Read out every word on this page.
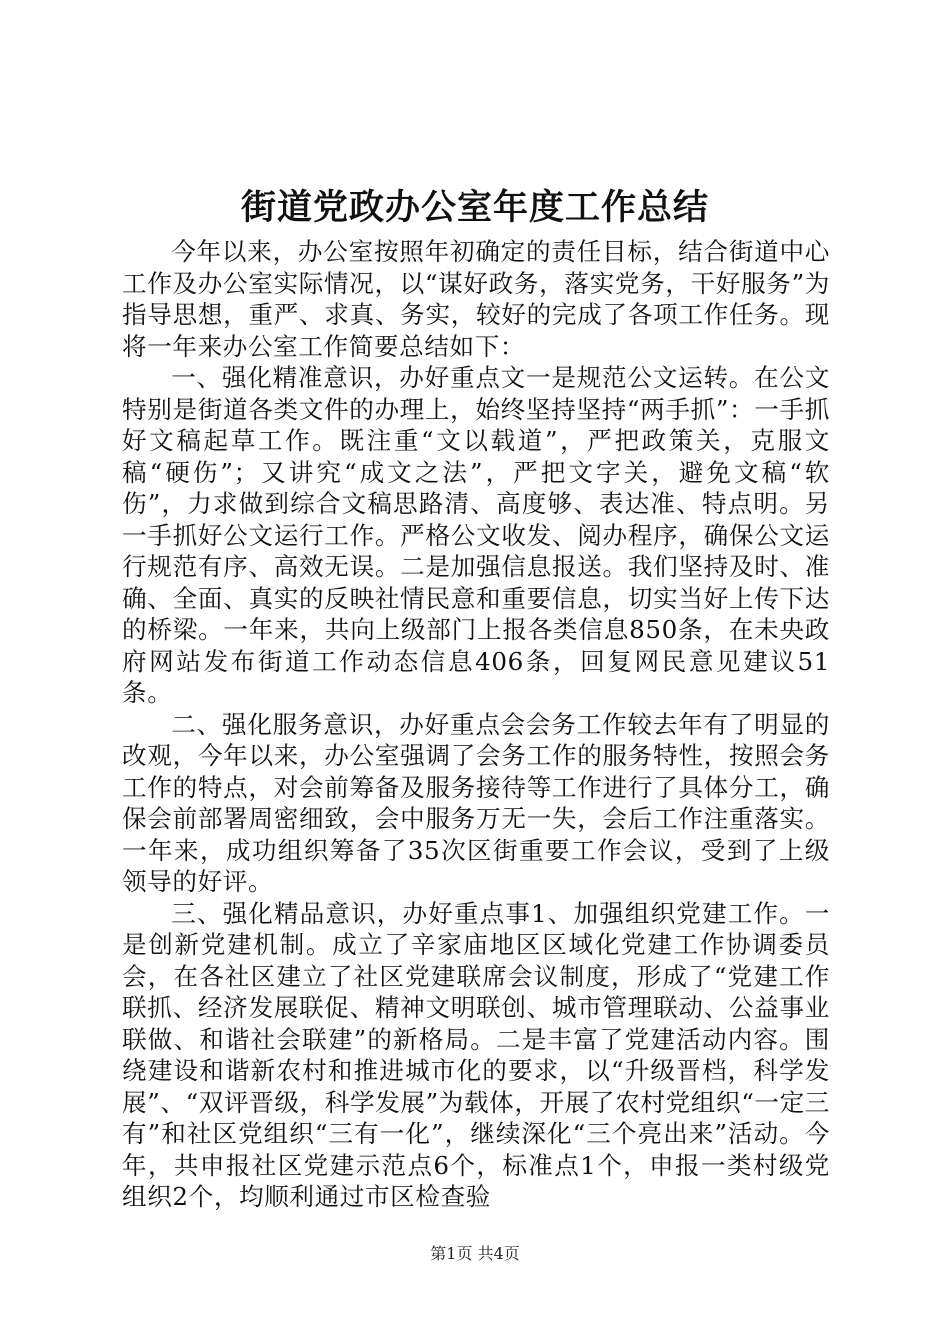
街道党政办公室年度工作总结

今年以来，办公室按照年初确定的责任目标，结合街道中心工作及办公室实际情况，以“谋好政务，落实党务，干好服务”为指导思想，重严、求真、务实，较好的完成了各项工作任务。现将一年来办公室工作简要总结如下：

一、强化精准意识，办好重点文一是规范公文运转。在公文特别是街道各类文件的办理上，始终坚持坚持“两手抓”：一手抓好文稿起草工作。既注重“文以载道”，严把政策关，克服文稿“硬伤”；又讲究“成文之法”，严把文字关，避免文稿“软伤”，力求做到综合文稿思路清、高度够、表达准、特点明。另一手抓好公文运行工作。严格公文收发、阅办程序，确保公文运行规范有序、高效无误。二是加强信息报送。我们坚持及时、准确、全面、真实的反映社情民意和重要信息，切实当好上传下达的桥梁。一年来，共向上级部门上报各类信息850条，在未央政府网站发布街道工作动态信息406条，回复网民意见建议51条。

二、强化服务意识，办好重点会会务工作较去年有了明显的改观，今年以来，办公室强调了会务工作的服务特性，按照会务工作的特点，对会前筹备及服务接待等工作进行了具体分工，确保会前部署周密细致，会中服务万无一失，会后工作注重落实。一年来，成功组织筹备了35次区街重要工作会议，受到了上级领导的好评。

三、强化精品意识，办好重点事1、加强组织党建工作。一是创新党建机制。成立了辛家庙地区区域化党建工作协调委员会，在各社区建立了社区党建联席会议制度，形成了“党建工作联抓、经济发展联促、精神文明联创、城市管理联动、公益事业联做、和谐社会联建”的新格局。二是丰富了党建活动内容。围绕建设和谐新农村和推进城市化的要求，以“升级晋档，科学发展”、“双评晋级，科学发展”为载体，开展了农村党组织“一定三有”和社区党组织“三有一化”，继续深化“三个亮出来”活动。今年，共申报社区党建示范点6个，标准点1个，申报一类村级党组织2个，均顺利通过市区检查验

第1页 共4页
